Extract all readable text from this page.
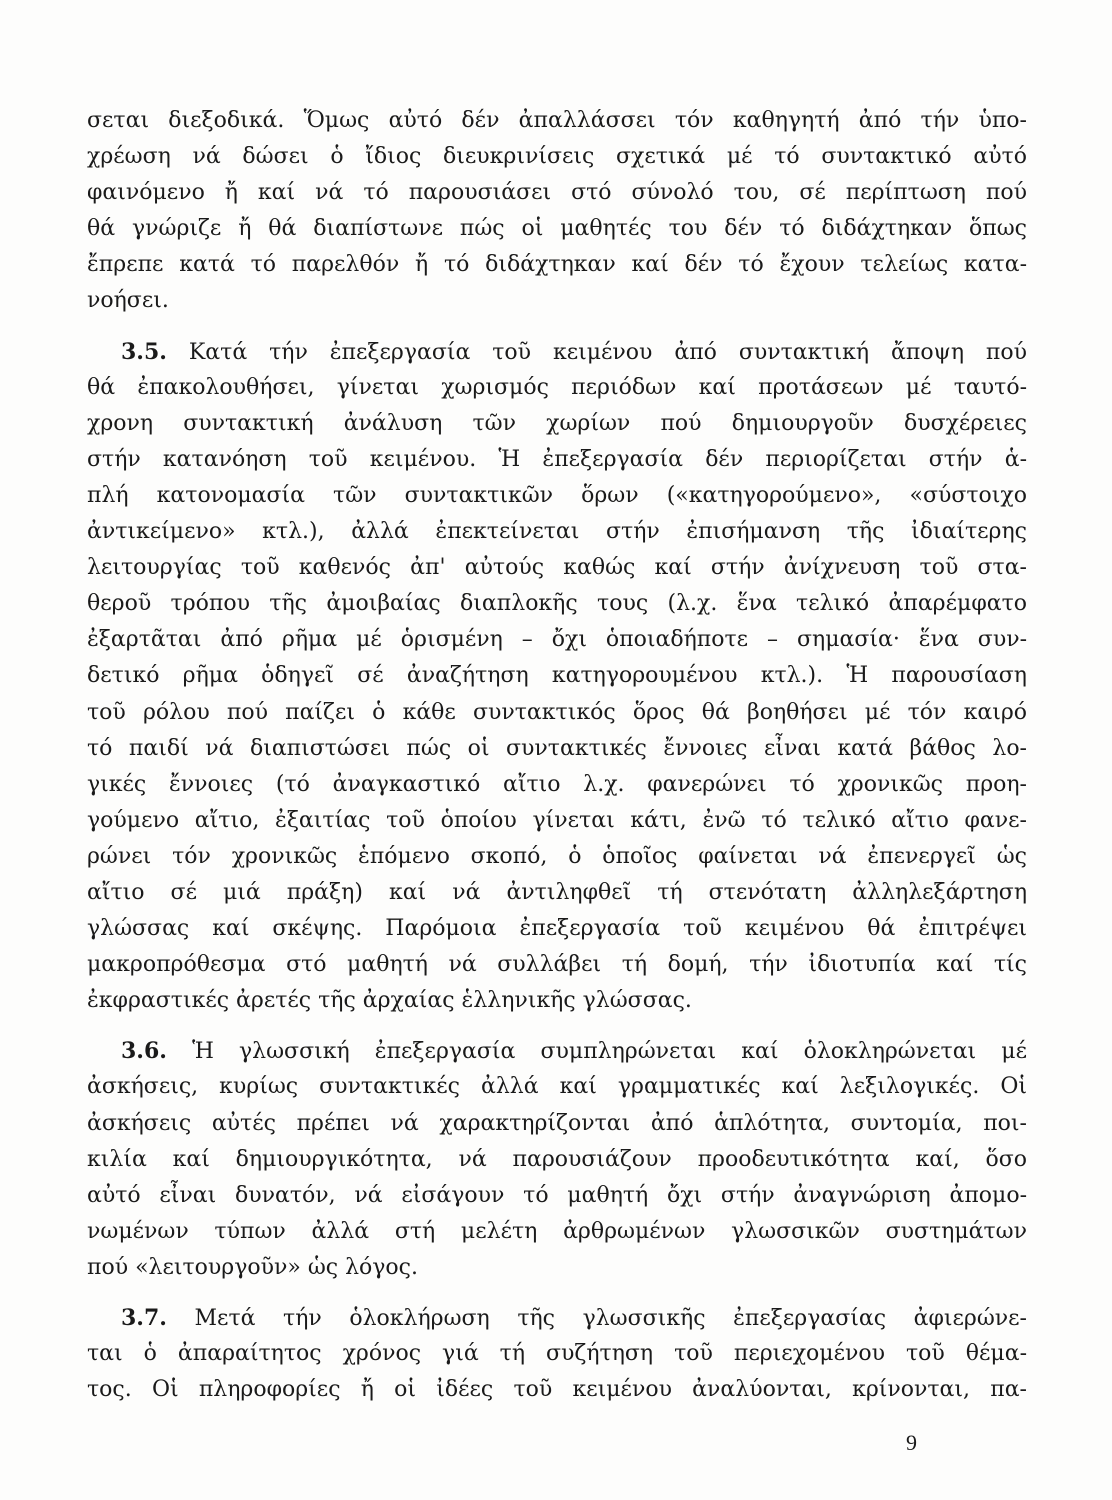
σεται διεξοδικά. Ὅμως αὐτό δέν ἀπαλλάσσει τόν καθηγητή ἀπό τήν ὑπο-
χρέωση νά δώσει ὁ ἴδιος διευκρινίσεις σχετικά μέ τό συντακτικό αὐτό
φαινόμενο ἤ καί νά τό παρουσιάσει στό σύνολό του, σέ περίπτωση πού
θά γνώριζε ἤ θά διαπίστωνε πώς οἱ μαθητές του δέν τό διδάχτηκαν ὅπως
ἔπρεπε κατά τό παρελθόν ἤ τό διδάχτηκαν καί δέν τό ἔχουν τελείως κατα-
νοήσει.
3.5. Κατά τήν ἐπεξεργασία τοῦ κειμένου ἀπό συντακτική ἄποψη πού
θά ἐπακολουθήσει, γίνεται χωρισμός περιόδων καί προτάσεων μέ ταυτό-
χρονη συντακτική ἀνάλυση τῶν χωρίων πού δημιουργοῦν δυσχέρειες
στήν κατανόηση τοῦ κειμένου. Ἡ ἐπεξεργασία δέν περιορίζεται στήν ἁ-
πλή κατονομασία τῶν συντακτικῶν ὅρων («κατηγορούμενο», «σύστοιχο
ἀντικείμενο» κτλ.), ἀλλά ἐπεκτείνεται στήν ἐπισήμανση τῆς ἰδιαίτερης
λειτουργίας τοῦ καθενός ἀπ' αὐτούς καθώς καί στήν ἀνίχνευση τοῦ στα-
θεροῦ τρόπου τῆς ἀμοιβαίας διαπλοκῆς τους (λ.χ. ἕνα τελικό ἀπαρέμφατο
ἐξαρτᾶται ἀπό ρῆμα μέ ὁρισμένη – ὄχι ὁποιαδήποτε – σημασία· ἕνα συν-
δετικό ρῆμα ὁδηγεῖ σέ ἀναζήτηση κατηγορουμένου κτλ.). Ἡ παρουσίαση
τοῦ ρόλου πού παίζει ὁ κάθε συντακτικός ὅρος θά βοηθήσει μέ τόν καιρό
τό παιδί νά διαπιστώσει πώς οἱ συντακτικές ἔννοιες εἶναι κατά βάθος λο-
γικές ἔννοιες (τό ἀναγκαστικό αἴτιο λ.χ. φανερώνει τό χρονικῶς προη-
γούμενο αἴτιο, ἐξαιτίας τοῦ ὁποίου γίνεται κάτι, ἐνῶ τό τελικό αἴτιο φανε-
ρώνει τόν χρονικῶς ἑπόμενο σκοπό, ὁ ὁποῖος φαίνεται νά ἐπενεργεῖ ὡς
αἴτιο σέ μιά πράξη) καί νά ἀντιληφθεῖ τή στενότατη ἀλληλεξάρτηση
γλώσσας καί σκέψης. Παρόμοια ἐπεξεργασία τοῦ κειμένου θά ἐπιτρέψει
μακροπρόθεσμα στό μαθητή νά συλλάβει τή δομή, τήν ἰδιοτυπία καί τίς
ἐκφραστικές ἀρετές τῆς ἀρχαίας ἑλληνικῆς γλώσσας.
3.6. Ἡ γλωσσική ἐπεξεργασία συμπληρώνεται καί ὁλοκληρώνεται μέ
ἀσκήσεις, κυρίως συντακτικές ἀλλά καί γραμματικές καί λεξιλογικές. Οἱ
ἀσκήσεις αὐτές πρέπει νά χαρακτηρίζονται ἀπό ἁπλότητα, συντομία, ποι-
κιλία καί δημιουργικότητα, νά παρουσιάζουν προοδευτικότητα καί, ὅσο
αὐτό εἶναι δυνατόν, νά εἰσάγουν τό μαθητή ὄχι στήν ἀναγνώριση ἀπομο-
νωμένων τύπων ἀλλά στή μελέτη ἀρθρωμένων γλωσσικῶν συστημάτων
πού «λειτουργοῦν» ὡς λόγος.
3.7. Μετά τήν ὁλοκλήρωση τῆς γλωσσικῆς ἐπεξεργασίας ἀφιερώνε-
ται ὁ ἀπαραίτητος χρόνος γιά τή συζήτηση τοῦ περιεχομένου τοῦ θέμα-
τος. Οἱ πληροφορίες ἤ οἱ ἰδέες τοῦ κειμένου ἀναλύονται, κρίνονται, πα-
9
